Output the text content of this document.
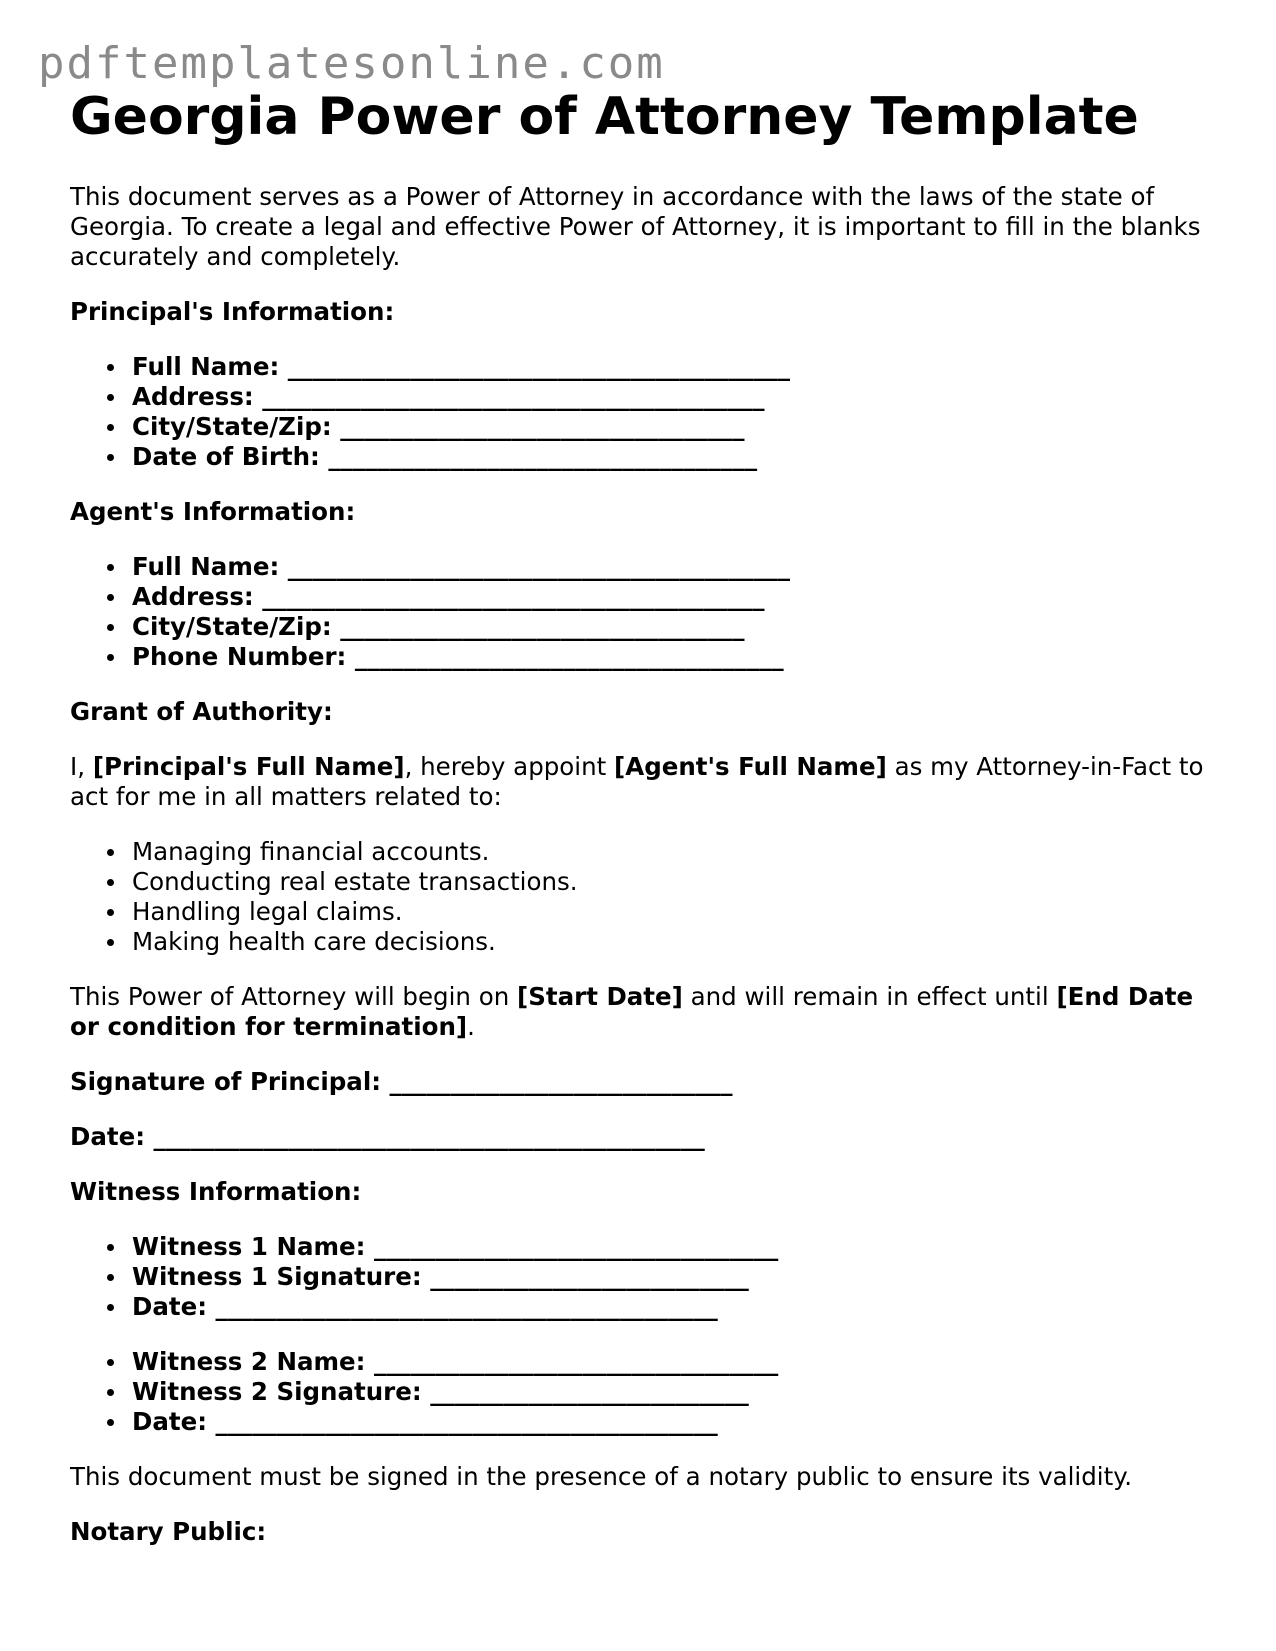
pdftemplatesonline.com
Georgia Power of Attorney Template

This document serves as a Power of Attorney in accordance with the laws of the state of Georgia. To create a legal and effective Power of Attorney, it is important to fill in the blanks accurately and completely.

Principal's Information:

Full Name: _________________________________________
Address: _________________________________________
City/State/Zip: _________________________________
Date of Birth: ___________________________________

Agent's Information:

Full Name: _________________________________________
Address: _________________________________________
City/State/Zip: _________________________________
Phone Number: ___________________________________

Grant of Authority:

I, [Principal's Full Name], hereby appoint [Agent's Full Name] as my Attorney-in-Fact to act for me in all matters related to:

Managing financial accounts.
Conducting real estate transactions.
Handling legal claims.
Making health care decisions.

This Power of Attorney will begin on [Start Date] and will remain in effect until [End Date or condition for termination].

Signature of Principal: ____________________________

Date: _____________________________________________

Witness Information:

Witness 1 Name: _________________________________
Witness 1 Signature: __________________________
Date: _________________________________________
Witness 2 Name: _________________________________
Witness 2 Signature: __________________________
Date: _________________________________________

This document must be signed in the presence of a notary public to ensure its validity.

Notary Public:
